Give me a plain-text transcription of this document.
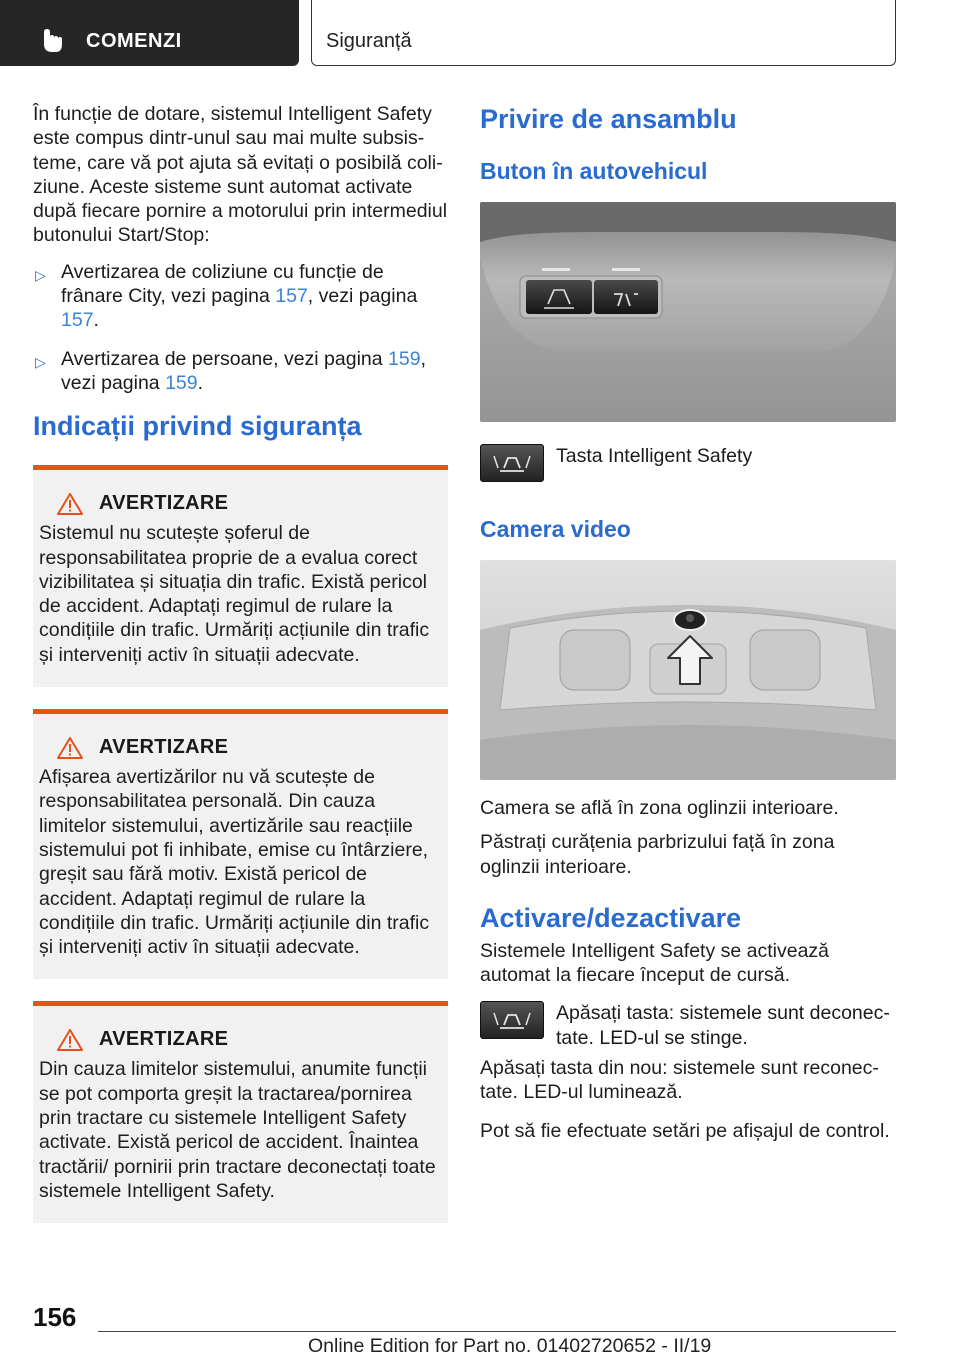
COMENZI	Siguranță

În funcție de dotare, sistemul Intelligent Safety este compus dintr-unul sau mai multe subsisteme, care vă pot ajuta să evitați o posibilă coliziune. Aceste sisteme sunt automat activate după fiecare pornire a motorului prin intermediul butonului Start/Stop:

▷ Avertizarea de coliziune cu funcție de frânare City, vezi pagina 157, vezi pagina 157.
▷ Avertizarea de persoane, vezi pagina 159, vezi pagina 159.
Indicații privind siguranța
AVERTIZARE

Sistemul nu scutește șoferul de responsabilitatea proprie de a evalua corect vizibilitatea și situația din trafic. Există pericol de accident. Adaptați regimul de rulare la condițiile din trafic. Urmăriți acțiunile din trafic și interveniți activ în situații adecvate.

AVERTIZARE

Afișarea avertizărilor nu vă scutește de responsabilitatea personală. Din cauza limitelor sistemului, avertizările sau reacțiile sistemului pot fi inhibate, emise cu întârziere, greșit sau fără motiv. Există pericol de accident. Adaptați regimul de rulare la condițiile din trafic. Urmăriți acțiunile din trafic și interveniți activ în situații adecvate.

AVERTIZARE

Din cauza limitelor sistemului, anumite funcții se pot comporta greșit la tractarea/pornirea prin tractare cu sistemele Intelligent Safety activate. Există pericol de accident. Înaintea tractării/ pornirii prin tractare deconectați toate sistemele Intelligent Safety.

Privire de ansamblu
Buton în autovehicul
Tasta Intelligent Safety
Camera video

Camera se află în zona oglinzii interioare.

Păstrați curățenia parbrizului față în zona oglinzii interioare.

Activare/dezactivare

Sistemele Intelligent Safety se activează automat la fiecare început de cursă.

Apăsați tasta: sistemele sunt deconectate. LED-ul se stinge.

Apăsați tasta din nou: sistemele sunt reconectate. LED-ul luminează.

Pot să fie efectuate setări pe afișajul de control.

156
Online Edition for Part no. 01402720652 - II/19
